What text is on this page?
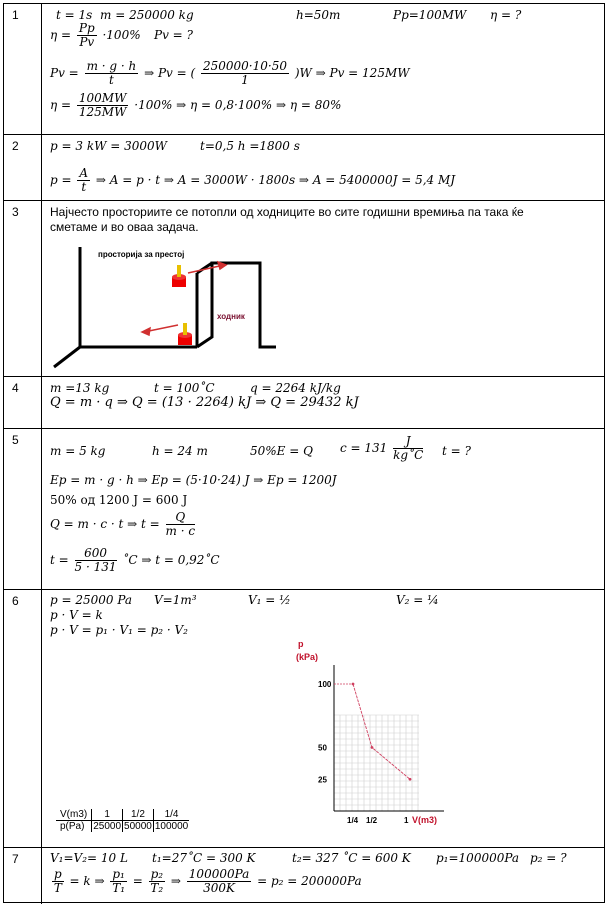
1	t = 1s m = 250000 kg	h=50m	Pp=100MW η = ?
$\eta = \frac{Pp}{Pv} \cdot 100\%$ Pv = ?
$Pv = \frac{m \cdot g \cdot h}{t}$ ⇒ Pv = ( $\frac{250000\cdot 10\cdot 50}{1} )W$ ⇒ Pv = 125MW
$\eta = \frac{100MW}{125MW} \cdot 100\%$ ⇒ η = 0,8·100% ⇒ η = 80%
2	p = 3 kW = 3000W	t=0,5 h =1800 s
$p = \frac{A}{t}$ ⇒ A = p · t ⇒ A = 3000W · 1800s ⇒ A = 5400000J = 5,4 MJ
3	Најчесто просториите се потопли од ходниците во сите годишни времиња па така ќе
сметаме и во оваа задача.
просторија за престој
ходник
4	m =13 kg	t = 100˚C	q = 2264 kJ/kg
Q = m · q ⇒ Q = (13 · 2264) kJ ⇒ Q = 29432 kJ
5
m = 5 kg	h = 24 m	50%E = Q $c = 131 \frac{J}{kg˚C}$ t = ?
Ep = m · g · h ⇒ Ep = (5·10·24) J ⇒ Ep = 1200J
50% од 1200 J = 600 J
Q = m · c · t ⇒ $t = \frac{Q}{m \cdot c}$
$t = \frac{600}{5 \cdot 131}$ ˚C ⇒ t = 0,92˚C
6	p = 25000 Pa V=1m³	V₁ = ½	V₂ = ¼
p · V = k
p · V = p₁ · V₁ = p₂ · V₂
V(m3)	1	1/2	1/4
p(Pa)	25000	50000	100000
p
(kPa)
V(m3)
1/4 1/2	1
100
50
25
7	V₁=V₂= 10 L t₁=27˚C = 300 K	t₂= 327 ˚C = 600 K p₁=100000Pa p₂ = ?
$\frac{p}{T} = k$ ⇒ $\frac{\text{p₁}}{\text{T₁}} = \frac{\text{p₂}}{\text{T₂}}$ ⇒ $\frac{100000Pa}{300K} = p_2 = 200000Pa$
